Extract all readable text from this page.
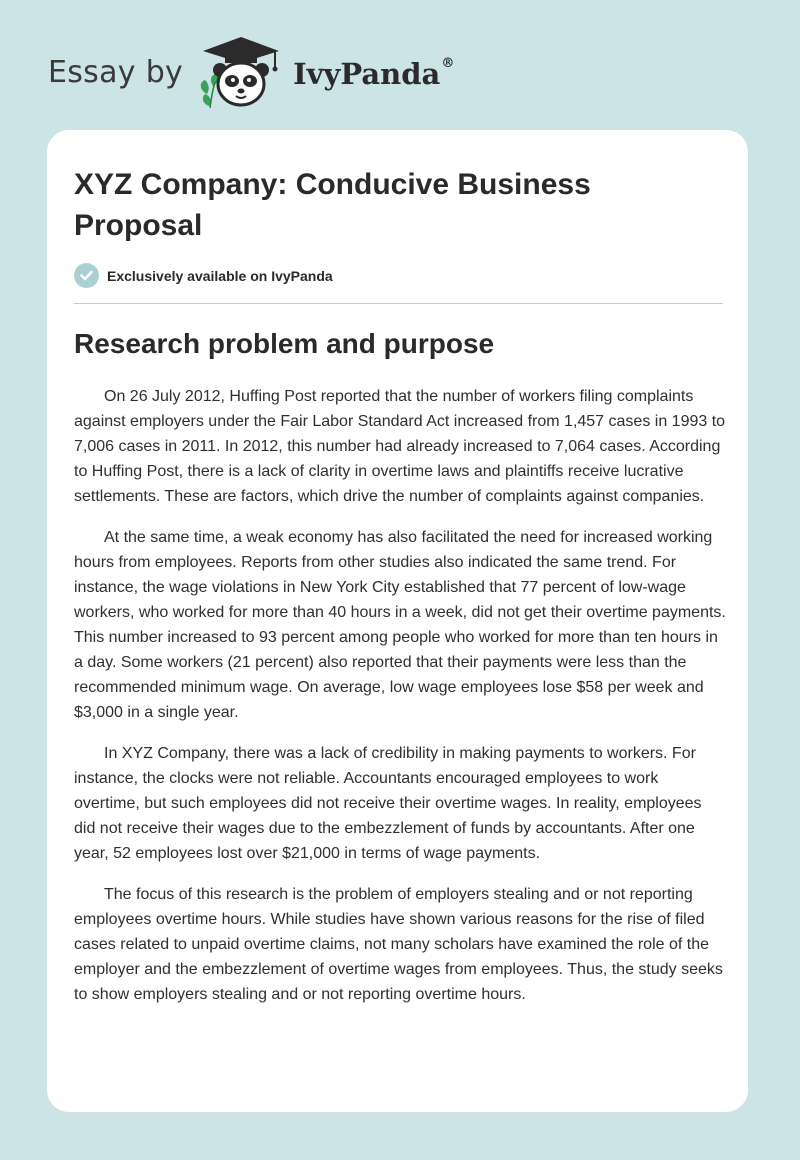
Essay by	IvyPanda®
XYZ Company: Conducive Business Proposal
Exclusively available on IvyPanda
Research problem and purpose

On 26 July 2012, Huffing Post reported that the number of workers filing complaints against employers under the Fair Labor Standard Act increased from 1,457 cases in 1993 to 7,006 cases in 2011. In 2012, this number had already increased to 7,064 cases. According to Huffing Post, there is a lack of clarity in overtime laws and plaintiffs receive lucrative settlements. These are factors, which drive the number of complaints against companies.

At the same time, a weak economy has also facilitated the need for increased working hours from employees. Reports from other studies also indicated the same trend. For instance, the wage violations in New York City established that 77 percent of low-wage workers, who worked for more than 40 hours in a week, did not get their overtime payments. This number increased to 93 percent among people who worked for more than ten hours in a day. Some workers (21 percent) also reported that their payments were less than the recommended minimum wage. On average, low wage employees lose $58 per week and $3,000 in a single year.

In XYZ Company, there was a lack of credibility in making payments to workers. For instance, the clocks were not reliable. Accountants encouraged employees to work overtime, but such employees did not receive their overtime wages. In reality, employees did not receive their wages due to the embezzlement of funds by accountants. After one year, 52 employees lost over $21,000 in terms of wage payments.

The focus of this research is the problem of employers stealing and or not reporting employees overtime hours. While studies have shown various reasons for the rise of filed cases related to unpaid overtime claims, not many scholars have examined the role of the employer and the embezzlement of overtime wages from employees. Thus, the study seeks to show employers stealing and or not reporting overtime hours.
